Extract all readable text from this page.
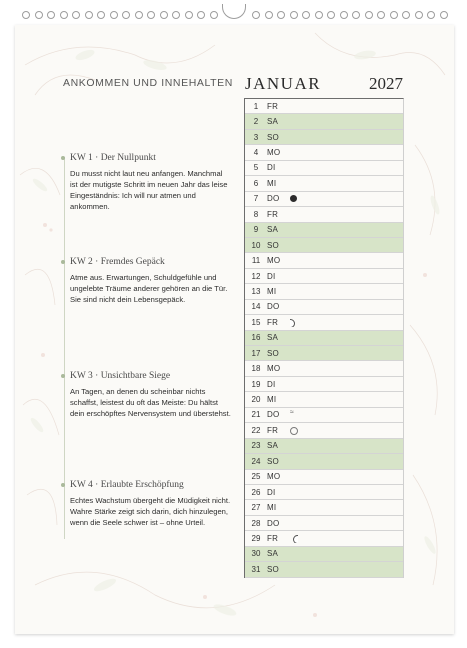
ANKOMMEN UND INNEHALTEN
KW 1 · Der Nullpunkt
Du musst nicht laut neu anfangen. Manchmal ist der mutigste Schritt im neuen Jahr das leise Eingeständnis: Ich will nur atmen und ankommen.
KW 2 · Fremdes Gepäck
Atme aus. Erwartungen, Schuldgefühle und ungelebte Träume anderer gehören an die Tür. Sie sind nicht dein Lebensgepäck.
KW 3 · Unsichtbare Siege
An Tagen, an denen du scheinbar nichts schaffst, leistest du oft das Meiste: Du hältst dein erschöpftes Nervensystem und überstehst.
KW 4 · Erlaubte Erschöpfung
Echtes Wachstum übergeht die Müdigkeit nicht. Wahre Stärke zeigt sich darin, dich hinzulegen, wenn die Seele schwer ist – ohne Urteil.
JANUAR	2027
1	FR
2	SA
3	SO
4	MO
5	DI
6	MI
7	DO
8	FR
9	SA
10 SO
11 MO
12 DI
13 MI
14 DO
15 FR
16 SA
17 SO
18 MO
19 DI
20 MI
21 DO	≈
22 FR
23 SA
24 SO
25 MO
26 DI
27 MI
28 DO
29 FR
30 SA
31 SO
